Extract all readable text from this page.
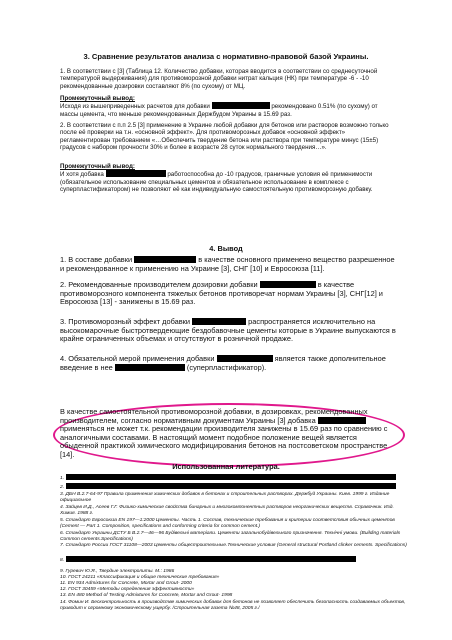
3. Сравнение результатов анализа с нормативно-правовой базой Украины.

1. В соответствии с [3] (Таблица 12. Количество добавки, которая вводится в соответствии со среднесуточной температурой выдерживания) для противоморозной добавки нитрат кальция (НК) при температуре -6 - -10 рекомендованные дозировки составляют 8% (по сухому) от МЦ.

Промежуточный вывод:
Исходя из вышеприведенных расчетов для добавки	рекомендовано 0.51% (по сухому) от массы цемента, что меньше рекомендованных Держбудом Украины в 15.69 раз.

2. В соответствии с п.п 2.5 [3] применение в Украине любой добавки для бетонов или растворов возможно только после её проверки на т.н. «основной эффект». Для противоморозных добавок «основной эффект» регламентирован требованием «…Обеспечить твердение бетона или раствора при температуре минус (15±5) градусов с набором прочности 30% и более в возрасте 28 суток нормального твердения…».

Промежуточный вывод:
И хотя добавка	работоспособна до -10 градусов, граничные условия её применимости (обязательное использование специальных цементов и обязательное использование в комплексе с суперпластификатором) не позволяют её как индивидуальную самостоятельную противоморозную добавку.

4. Вывод

1. В составе добавки	в качестве основного применено вещество разрешенное и рекомендованное к применению на Украине [3], СНГ [10] и Евросоюза [11].

2. Рекомендованные производителем дозировки добавки	в качестве противоморозного компонента тяжелых бетонов противоречат нормам Украины [3], СНГ[12] и Евросоюза [13] - занижены в 15.69 раз.

3. Противоморозный эффект добавки	распространяется исключительно на высокомарочные быстротвердеющие бездобавочные цементы которые в Украине выпускаются в крайне ограниченных объемах и отсутствуют в розничной продаже.

4. Обязательной мерой применения добавки	является также дополнительное введение в нее	(суперпластификатор).

В качестве самостоятельной противоморозной добавки, в дозировках, рекомендованных производителем, согласно нормативным документам Украины [3] добавка  применяться не может т.к. рекомендации производителя занижены в 15.69 раз по сравнению с аналогичными составами. В настоящий момент подобное положение вещей является обыденной практикой химического модифицирования бетонов на постсоветском пространстве [14].

Использованная литература.

1.

2.

3. ДБН В.2.7-64-97 Правила применения химических добавок в бетонах и строительных растворах. Держбуд Украины. Киев. 1999 г. Издание официальное

4. Зайцев И.Д., Асеев Г.Г. Физико-химические свойства бинарных и многокомпонентных растворов неорганических веществ. Справочник. Изд. Химия. 1988 г.

5. Стандарт Евросоюза EN 197—1:2000 Цементы. Часть 1. Состав, технические требования и критерии соответствия обычных цементов (Cement — Part 1. Composition, specifications and conforming criteria for common cement.)

6. Стандарт Украины ДСТУ Б В.2.7—46—96 Будівельні матеріали. Цементи загальнобудівельного призначення. Технічні умови. (Building materials Common cements.Specifications)

7. Стандарт России ГОСТ 31108—2003 Цементы общестроительные.Технические условия (General structural Portland clinker cements. Specifications)

8.

9. Гуревич Ю.Я., Твердые электролиты. М.: 1986

10. ГОСТ 24211 «Классификация и общие технические требования»

11. EN 934 Admixtures for Concrete, Mortar and Grout- 2000

12. ГОСТ 30459 «Методы определения эффективности»

13. EN 480 Method of Testing Admixtures for Concrete, Mortar and Grout- 1998

14. Фомин И. Бесконтрольность в производстве химических добавок для бетонов не позволяет обеспечить безопасность создаваемых объектов, приводит к огромному экономическому ущербу. /Строительная газета №48, 2005 г./
